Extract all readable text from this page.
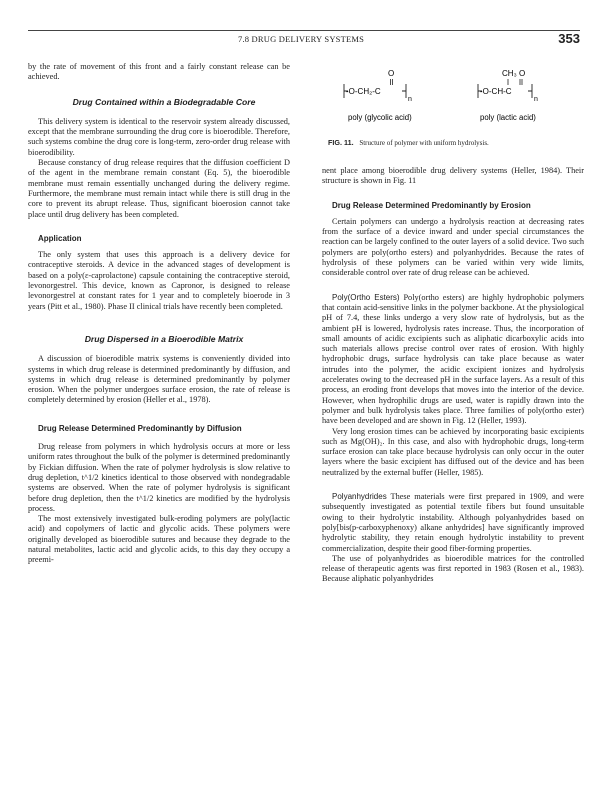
7.8 DRUG DELIVERY SYSTEMS	353

by the rate of movement of this front and a fairly constant release can be achieved.

Drug Contained within a Biodegradable Core

This delivery system is identical to the reservoir system already discussed, except that the membrane surrounding the drug core is bioerodible. Therefore, such systems combine the drug core is long-term, zero-order drug release with bioerodibility.

Because constancy of drug release requires that the diffusion coefficient D of the agent in the membrane remain constant (Eq. 5), the bioerodible membrane must remain essentially unchanged during the delivery regime. Furthermore, the membrane must remain intact while there is still drug in the core to prevent its abrupt release. Thus, significant bioerosion cannot take place until drug delivery has been completed.

Application

The only system that uses this approach is a delivery device for contraceptive steroids. A device in the advanced stages of development is based on a poly(ε-caprolactone) capsule containing the contraceptive steroid, levonorgestrel. This device, known as Capronor, is designed to release levonorgestrel at constant rates for 1 year and to completely bioerode in 3 years (Pitt et al., 1980). Phase II clinical trials have recently been completed.

Drug Dispersed in a Bioerodible Matrix

A discussion of bioerodible matrix systems is conveniently divided into systems in which drug release is determined predominantly by diffusion, and systems in which drug release is determined predominantly by polymer erosion. When the polymer undergoes surface erosion, the rate of release is completely determined by erosion (Heller et al., 1978).

Drug Release Determined Predominantly by Diffusion

Drug release from polymers in which hydrolysis occurs at more or less uniform rates throughout the bulk of the polymer is determined predominantly by Fickian diffusion. When the rate of polymer hydrolysis is slow relative to drug depletion, t^1/2 kinetics identical to those observed with nondegradable systems are observed. When the rate of polymer hydrolysis is significant before drug depletion, then the t^1/2 kinetics are modified by the hydrolysis process.

The most extensively investigated bulk-eroding polymers are poly(lactic acid) and copolymers of lactic and glycolic acids. These polymers were originally developed as bioerodible sutures and because they degrade to the natural metabolites, lactic acid and glycolic acids, to this day they occupy a preemi-

O
-O-CH₂-C
n
CH₃ O
-O-CH-C
n
poly (glycolic acid)	poly (lactic acid)
FIG. 11. Structure of polymer with uniform hydrolysis.

nent place among bioerodible drug delivery systems (Heller, 1984). Their structure is shown in Fig. 11

Drug Release Determined Predominantly by Erosion

Certain polymers can undergo a hydrolysis reaction at decreasing rates from the surface of a device inward and under special circumstances the reaction can be largely confined to the outer layers of a solid device. Two such polymers are poly(ortho esters) and polyanhydrides. Because the rates of hydrolysis of these polymers can be varied within very wide limits, considerable control over rate of drug release can be achieved.

Poly(Ortho Esters) Poly(ortho esters) are highly hydrophobic polymers that contain acid-sensitive links in the polymer backbone. At the physiological pH of 7.4, these links undergo a very slow rate of hydrolysis, but as the ambient pH is lowered, hydrolysis rates increase. Thus, the incorporation of small amounts of acidic excipients such as aliphatic dicarboxylic acids into such materials allows precise control over rates of erosion. With highly hydrophobic drugs, surface hydrolysis can take place because as water intrudes into the polymer, the acidic excipient ionizes and hydrolysis accelerates owing to the decreased pH in the surface layers. As a result of this process, an eroding front develops that moves into the interior of the device. However, when hydrophilic drugs are used, water is rapidly drawn into the polymer and bulk hydrolysis takes place. Three families of poly(ortho ester) have been developed and are shown in Fig. 12 (Heller, 1993).

Very long erosion times can be achieved by incorporating basic excipients such as Mg(OH)₂. In this case, and also with hydrophobic drugs, long-term surface erosion can take place because hydrolysis can only occur in the outer layers where the basic excipient has diffused out of the device and has been neutralized by the external buffer (Heller, 1985).

Polyanhydrides These materials were first prepared in 1909, and were subsequently investigated as potential textile fibers but found unsuitable owing to their hydrolytic instability. Although polyanhydrides based on poly[bis(p-carboxyphenoxy) alkane anhydrides] have significantly improved hydrolytic stability, they retain enough hydrolytic instability to prevent commercialization, despite their good fiber-forming properties.

The use of polyanhydrides as bioerodible matrices for the controlled release of therapeutic agents was first reported in 1983 (Rosen et al., 1983). Because aliphatic polyanhydrides
